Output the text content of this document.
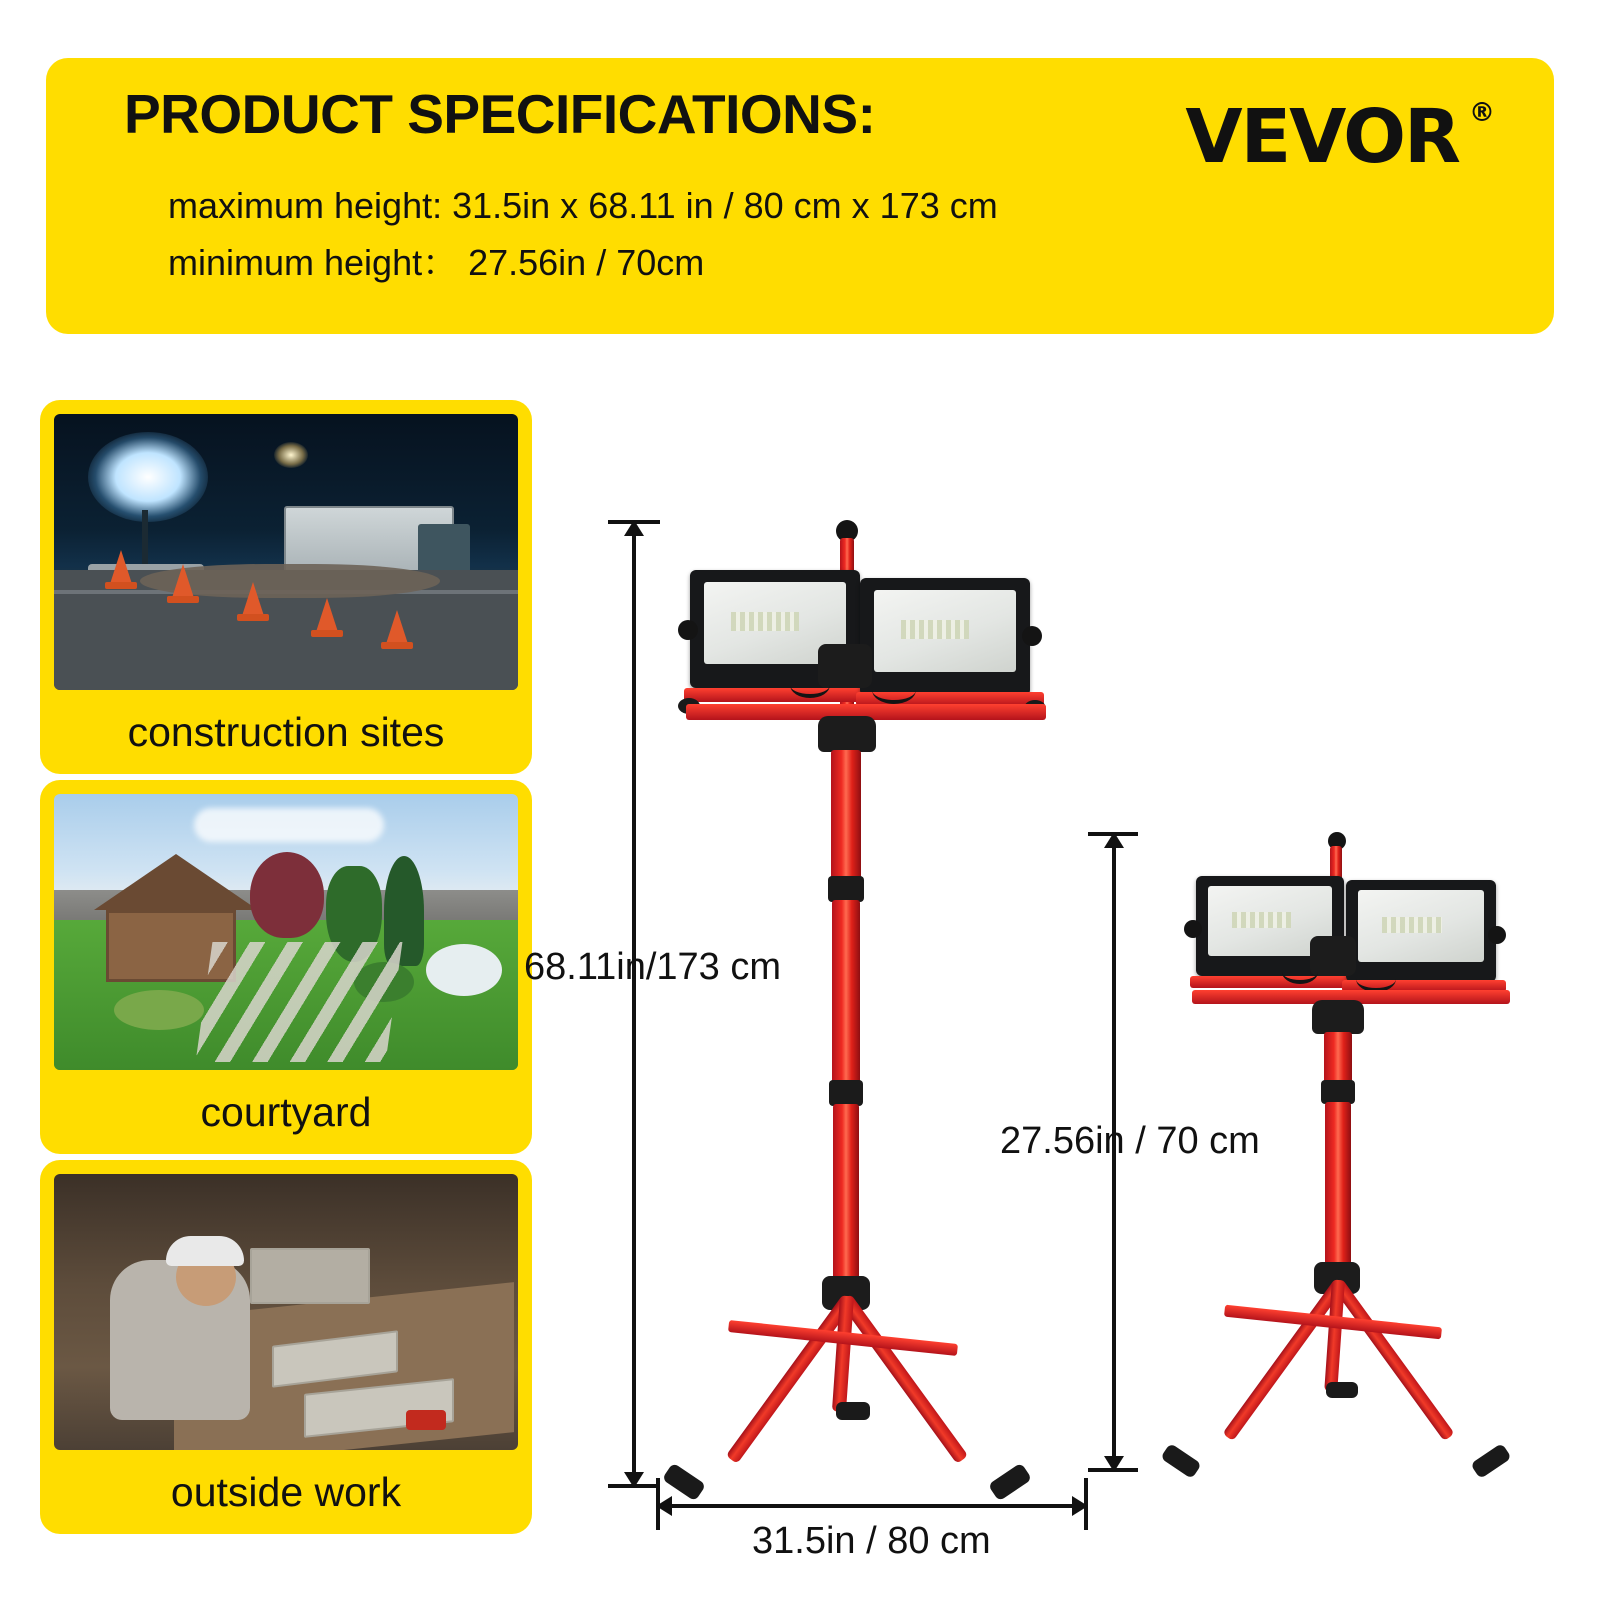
PRODUCT SPECIFICATIONS:	VEVOR ®
maximum height: 31.5in x 68.11 in / 80 cm x 173 cm
minimum height： 27.56in / 70cm
construction sites
courtyard
outside work
68.11in/173 cm
31.5in / 80 cm
27.56in / 70 cm
